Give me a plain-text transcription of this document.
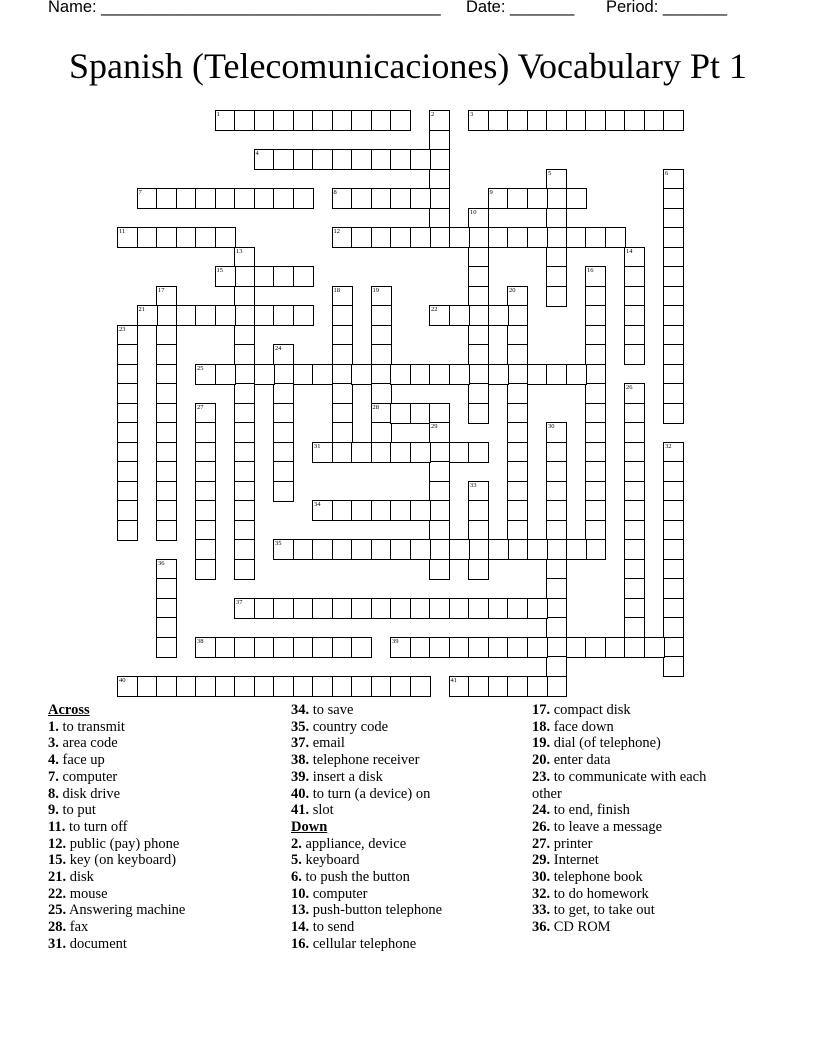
Name: _____________________________________ Date: _______ Period: _______
Spanish (Telecomunicaciones) Vocabulary Pt 1
1	2	3
4
5	6
7	8	9
10
11	12
13	14
15	16
17	18	19	20
21	22
23
24
25
26
27	28
29	30
31	32
33
34
35
36
37
38	39
40	41
Across
1. to transmit
3. area code
4. face up
7. computer
8. disk drive
9. to put
11. to turn off
12. public (pay) phone
15. key (on keyboard)
21. disk
22. mouse
25. Answering machine
28. fax
31. document
34. to save
35. country code
37. email
38. telephone receiver
39. insert a disk
40. to turn (a device) on
41. slot
Down
2. appliance, device
5. keyboard
6. to push the button
10. computer
13. push-button telephone
14. to send
16. cellular telephone
17. compact disk
18. face down
19. dial (of telephone)
20. enter data
23. to communicate with each other
24. to end, finish
26. to leave a message
27. printer
29. Internet
30. telephone book
32. to do homework
33. to get, to take out
36. CD ROM
